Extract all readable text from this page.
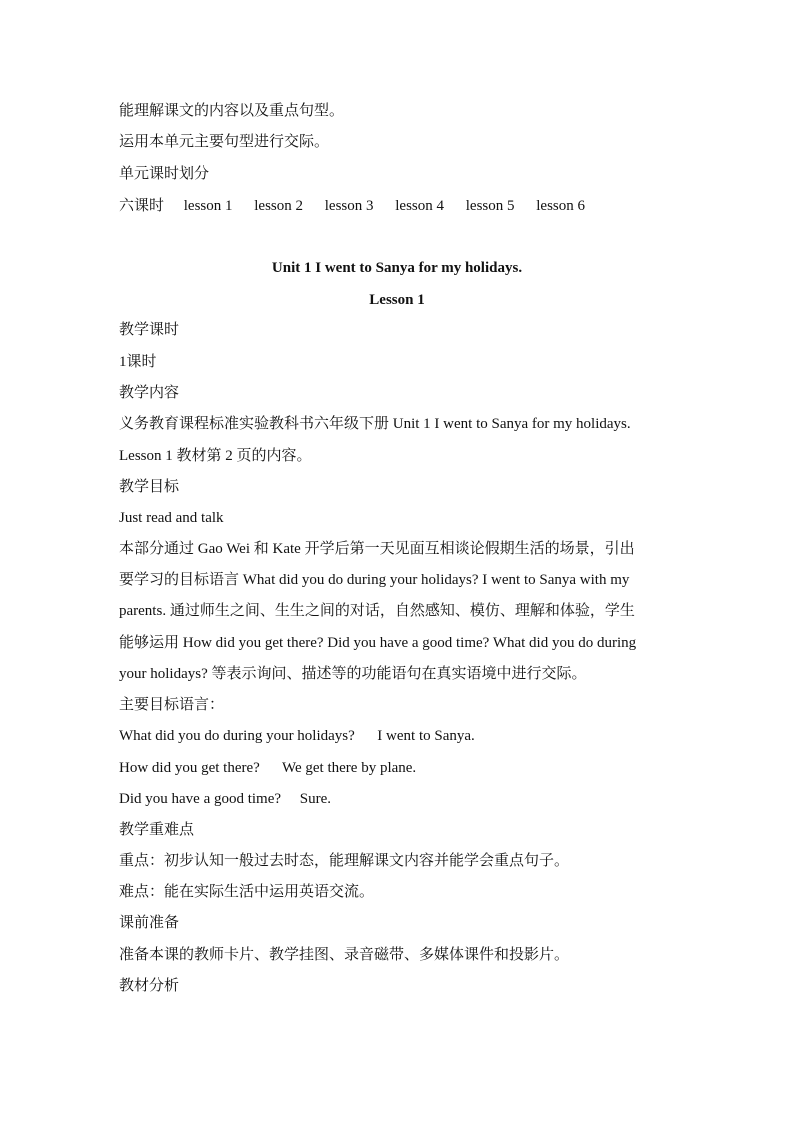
能理解课文的内容以及重点句型。
运用本单元主要句型进行交际。
单元课时划分
六课时 lesson 1 lesson 2 lesson 3 lesson 4 lesson 5 lesson 6
Unit 1 I went to Sanya for my holidays.
Lesson 1
教学课时
1课时
教学内容
义务教育课程标准实验教科书六年级下册 Unit 1 I went to Sanya for my holidays.
Lesson 1 教材第 2 页的内容。
教学目标
Just read and talk
本部分通过 Gao Wei 和 Kate 开学后第一天见面互相谈论假期生活的场景，引出
要学习的目标语言 What did you do during your holidays? I went to Sanya with my
parents. 通过师生之间、生生之间的对话，自然感知、模仿、理解和体验，学生
能够运用 How did you get there? Did you have a good time? What did you do during
your holidays? 等表示询问、描述等的功能语句在真实语境中进行交际。
主要目标语言：
What did you do during your holidays?      I went to Sanya.
How did you get there?      We get there by plane.
Did you have a good time?     Sure.
教学重难点
重点：初步认知一般过去时态，能理解课文内容并能学会重点句子。
难点：能在实际生活中运用英语交流。
课前准备
准备本课的教师卡片、教学挂图、录音磁带、多媒体课件和投影片。
教材分析
